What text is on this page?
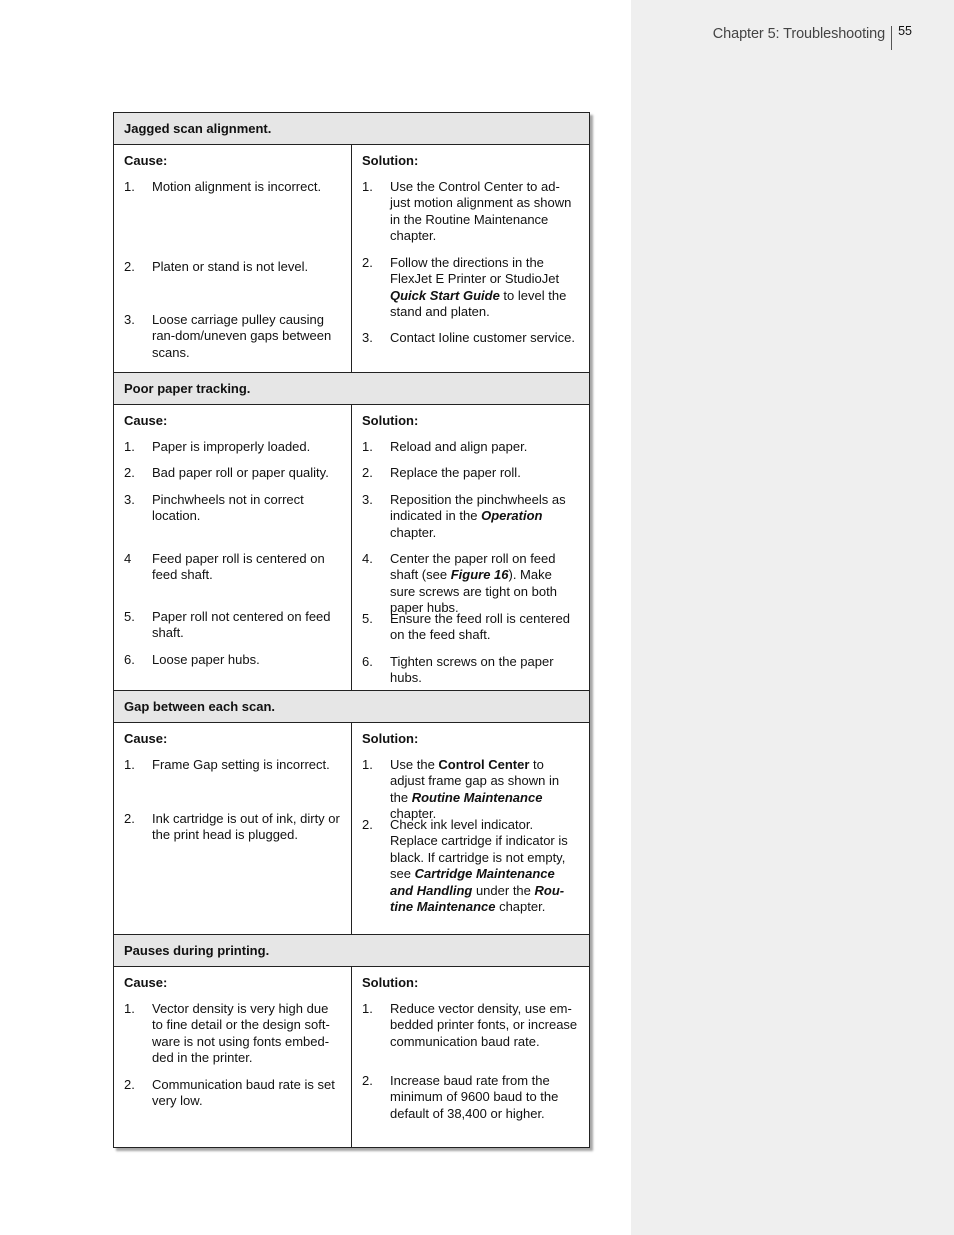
Chapter 5: Troubleshooting 55
Jagged scan alignment.
Cause:
1.	Motion alignment is incorrect.
2.	Platen or stand is not level.
3.	Loose carriage pulley causing ran-dom/uneven gaps between scans.
Solution:
1.	Use the Control Center to ad-just motion alignment as shown in the Routine Maintenance chapter.
2.	Follow the directions in the FlexJet E Printer or StudioJet Quick Start Guide to level the stand and platen.
3.	Contact Ioline customer service.
Poor paper tracking.
Cause:
1.	Paper is improperly loaded.
2.	Bad paper roll or paper quality.
3.	Pinchwheels not in correct location.
4	Feed paper roll is centered on feed shaft.
5.	Paper roll not centered on feed shaft.
6.	Loose paper hubs.
Solution:
1.	Reload and align paper.
2.	Replace the paper roll.
3.	Reposition the pinchwheels as indicated in the Operation chapter.
4.	Center the paper roll on feed shaft (see Figure 16). Make sure screws are tight on both paper hubs.
5.	Ensure the feed roll is centered on the feed shaft.
6.	Tighten screws on the paper hubs.
Gap between each scan.
Cause:
1.	Frame Gap setting is incorrect.
2.	Ink cartridge is out of ink, dirty or the print head is plugged.
Solution:
1.	Use the Control Center to adjust frame gap as shown in the Routine Maintenance chapter.
2.	Check ink level indicator. Replace cartridge if indicator is black. If cartridge is not empty, see Cartridge Maintenance and Handling under the Rou-tine Maintenance chapter.
Pauses during printing.
Cause:
1.	Vector density is very high due to fine detail or the design soft-ware is not using fonts embed-ded in the printer.
2.	Communication baud rate is set very low.
Solution:
1.	Reduce vector density, use em-bedded printer fonts, or increase communication baud rate.
2.	Increase baud rate from the minimum of 9600 baud to the default of 38,400 or higher.
